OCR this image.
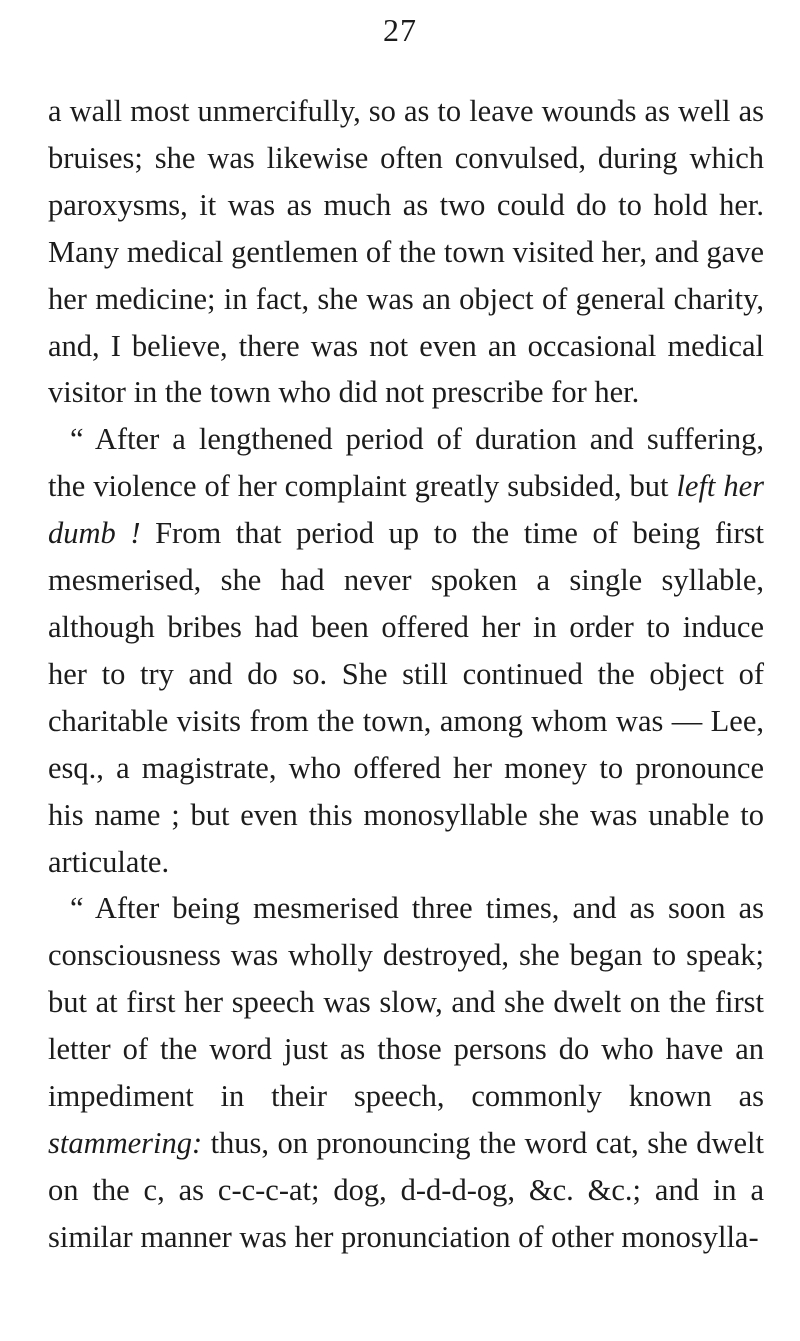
27

a wall most unmercifully, so as to leave wounds as well as bruises; she was likewise often convulsed, during which paroxysms, it was as much as two could do to hold her. Many medical gentlemen of the town visited her, and gave her medicine; in fact, she was an object of general charity, and, I believe, there was not even an occasional medical visitor in the town who did not prescribe for her.

“ After a lengthened period of duration and suffering, the violence of her complaint greatly subsided, but left her dumb ! From that period up to the time of being first mesmerised, she had never spoken a single syllable, although bribes had been offered her in order to induce her to try and do so. She still continued the object of charitable visits from the town, among whom was — Lee, esq., a magistrate, who offered her money to pronounce his name ; but even this monosyllable she was unable to articulate.

“ After being mesmerised three times, and as soon as consciousness was wholly destroyed, she began to speak; but at first her speech was slow, and she dwelt on the first letter of the word just as those persons do who have an impediment in their speech, commonly known as stammering: thus, on pronouncing the word cat, she dwelt on the c, as c-c-c-at; dog, d-d-d-og, &c. &c.; and in a similar manner was her pronunciation of other monosylla-
